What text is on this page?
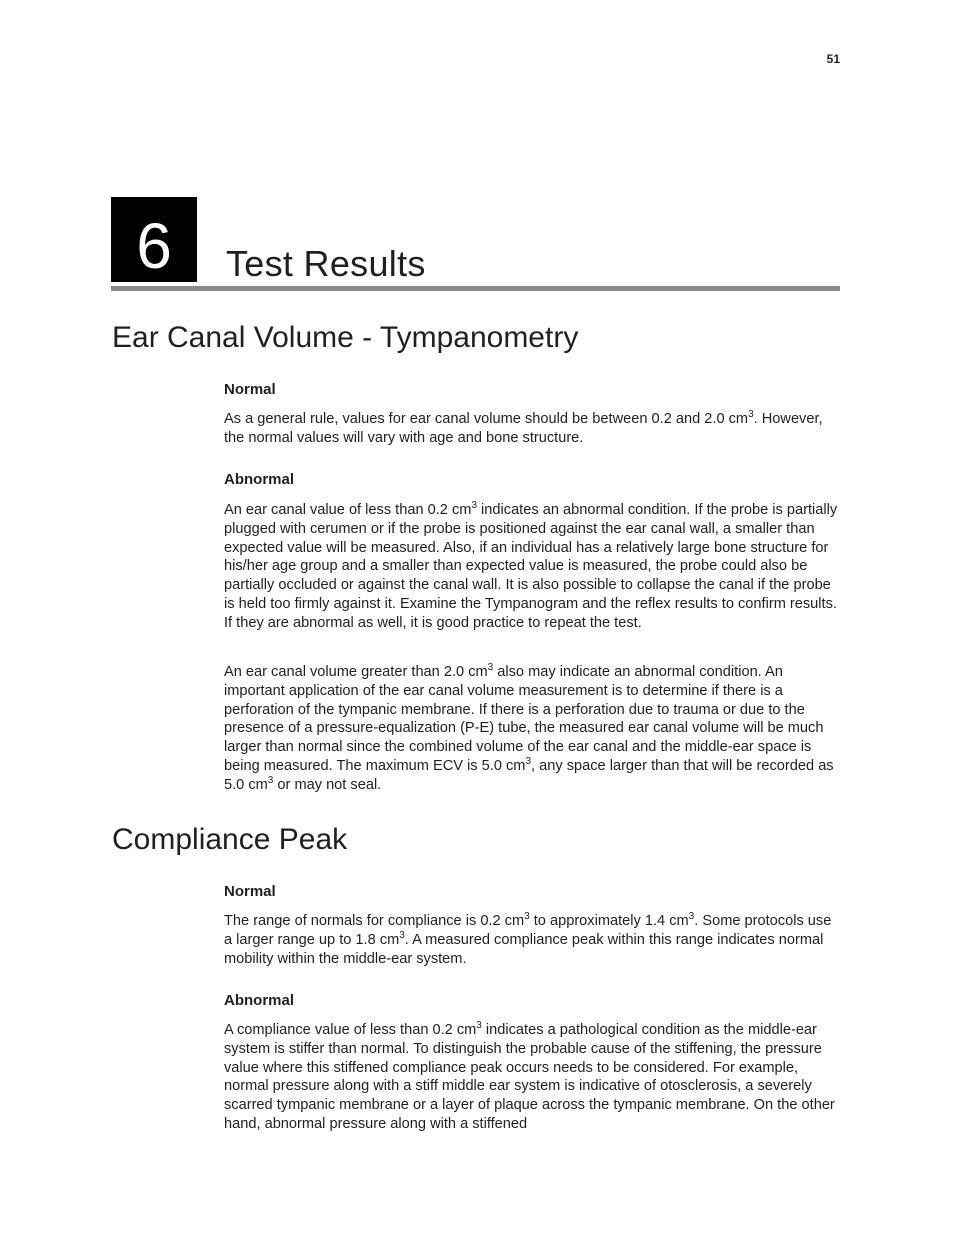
51
6 Test Results
Ear Canal Volume - Tympanometry
Normal

As a general rule, values for ear canal volume should be between 0.2 and 2.0 $cm^3$. However, the normal values will vary with age and bone structure.

Abnormal

An ear canal value of less than 0.2 $cm^3$ indicates an abnormal condition. If the probe is partially plugged with cerumen or if the probe is positioned against the ear canal wall, a smaller than expected value will be measured. Also, if an individual has a relatively large bone structure for his/her age group and a smaller than expected value is measured, the probe could also be partially occluded or against the canal wall. It is also possible to collapse the canal if the probe is held too firmly against it. Examine the Tympanogram and the reflex results to confirm results. If they are abnormal as well, it is good practice to repeat the test.

An ear canal volume greater than 2.0 $cm^3$ also may indicate an abnormal condition. An important application of the ear canal volume measurement is to determine if there is a perforation of the tympanic membrane. If there is a perforation due to trauma or due to the presence of a pressure-equalization (P-E) tube, the measured ear canal volume will be much larger than normal since the combined volume of the ear canal and the middle-ear space is being measured. The maximum ECV is 5.0 $cm^3$, any space larger than that will be recorded as 5.0 $cm^3$ or may not seal.

Compliance Peak
Normal

The range of normals for compliance is 0.2 $cm^3$ to approximately 1.4 $cm^3$. Some protocols use a larger range up to 1.8 $cm^3$. A measured compliance peak within this range indicates normal mobility within the middle-ear system.

Abnormal

A compliance value of less than 0.2 $cm^3$ indicates a pathological condition as the middle-ear system is stiffer than normal. To distinguish the probable cause of the stiffening, the pressure value where this stiffened compliance peak occurs needs to be considered. For example, normal pressure along with a stiff middle ear system is indicative of otosclerosis, a severely scarred tympanic membrane or a layer of plaque across the tympanic membrane. On the other hand, abnormal pressure along with a stiffened
